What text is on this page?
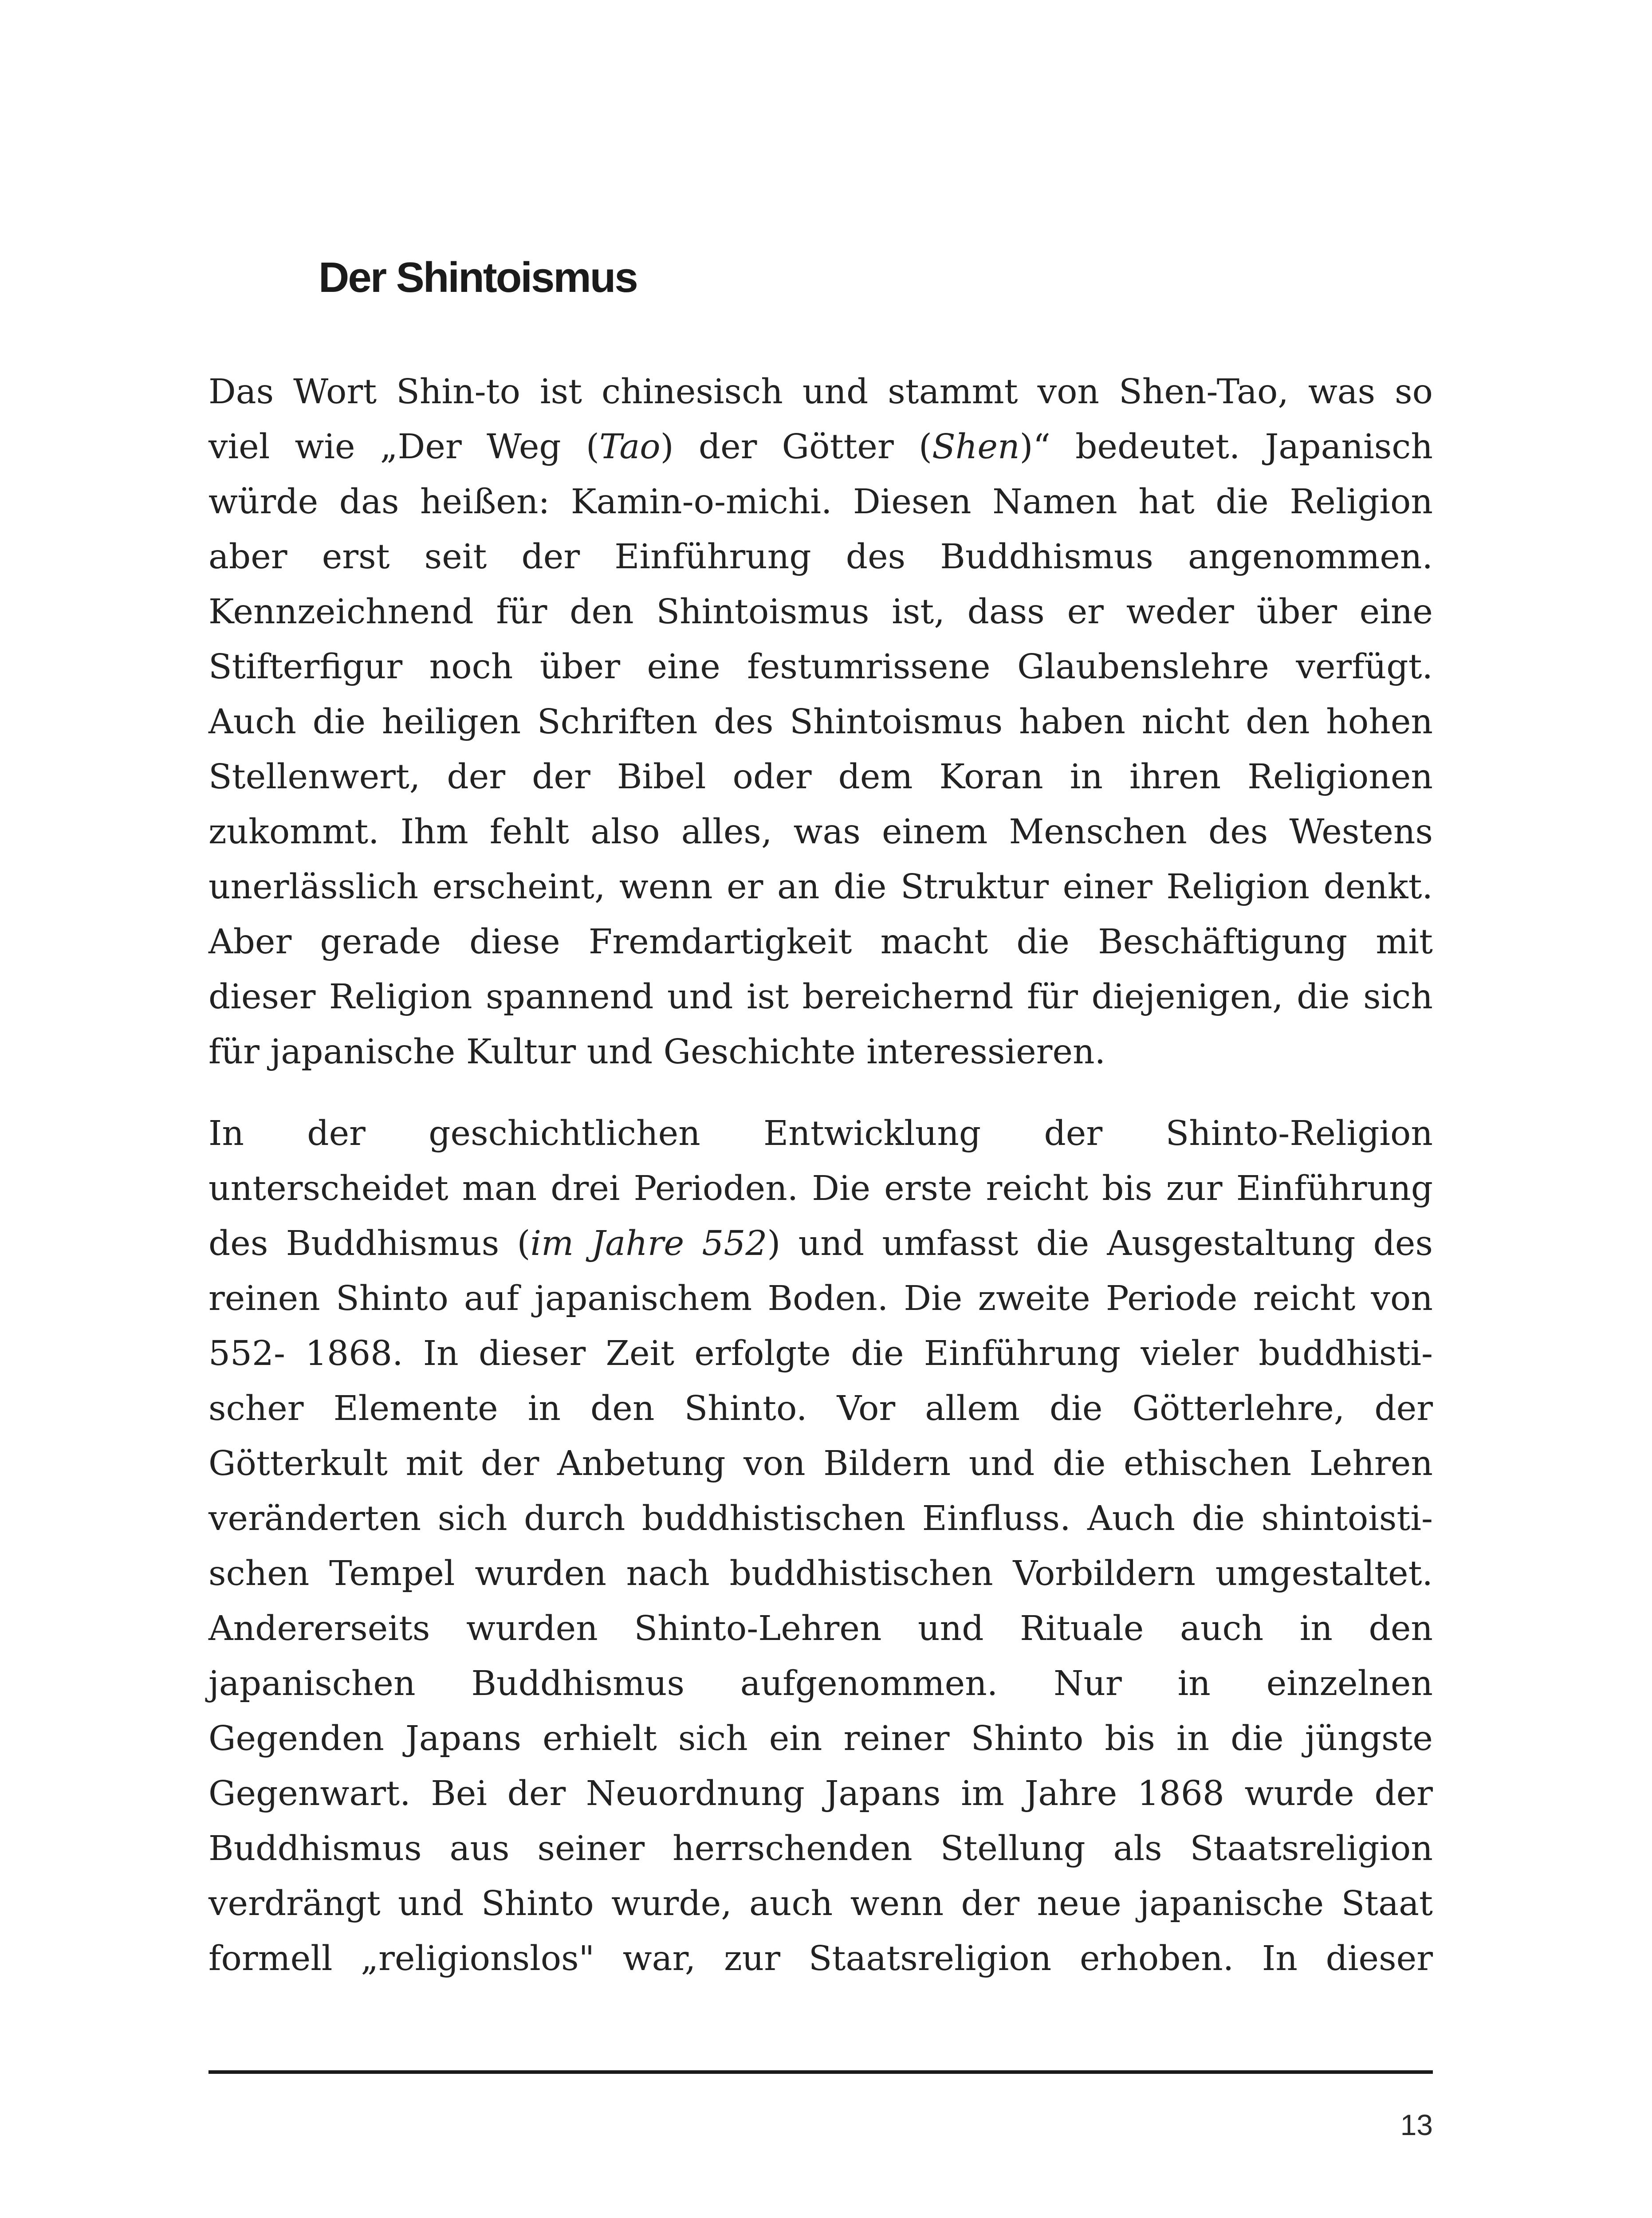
Der Shintoismus
Das Wort Shin-to ist chinesisch und stammt von Shen-Tao, was so
viel wie „Der Weg (Tao) der Götter (Shen)“ bedeutet. Japanisch
würde das heißen: Kamin-o-michi. Diesen Namen hat die Religion
aber erst seit der Einführung des Buddhismus angenommen.
Kennzeichnend für den Shintoismus ist, dass er weder über eine
Stifterfigur noch über eine festumrissene Glaubenslehre verfügt.
Auch die heiligen Schriften des Shintoismus haben nicht den hohen
Stellenwert, der der Bibel oder dem Koran in ihren Religionen
zukommt. Ihm fehlt also alles, was einem Menschen des Westens
unerlässlich erscheint, wenn er an die Struktur einer Religion denkt.
Aber gerade diese Fremdartigkeit macht die Beschäftigung mit
dieser Religion spannend und ist bereichernd für diejenigen, die sich
für japanische Kultur und Geschichte interessieren.
In der geschichtlichen Entwicklung der Shinto-Religion
unterscheidet man drei Perioden. Die erste reicht bis zur Einführung
des Buddhismus (im Jahre 552) und umfasst die Ausgestaltung des
reinen Shinto auf japanischem Boden. Die zweite Periode reicht von
552- 1868. In dieser Zeit erfolgte die Einführung vieler buddhisti-
scher Elemente in den Shinto. Vor allem die Götterlehre, der
Götterkult mit der Anbetung von Bildern und die ethischen Lehren
veränderten sich durch buddhistischen Einfluss. Auch die shintoisti-
schen Tempel wurden nach buddhistischen Vorbildern umgestaltet.
Andererseits wurden Shinto-Lehren und Rituale auch in den
japanischen Buddhismus aufgenommen. Nur in einzelnen
Gegenden Japans erhielt sich ein reiner Shinto bis in die jüngste
Gegenwart. Bei der Neuordnung Japans im Jahre 1868 wurde der
Buddhismus aus seiner herrschenden Stellung als Staatsreligion
verdrängt und Shinto wurde, auch wenn der neue japanische Staat
formell „religionslos" war, zur Staatsreligion erhoben. In dieser
13
